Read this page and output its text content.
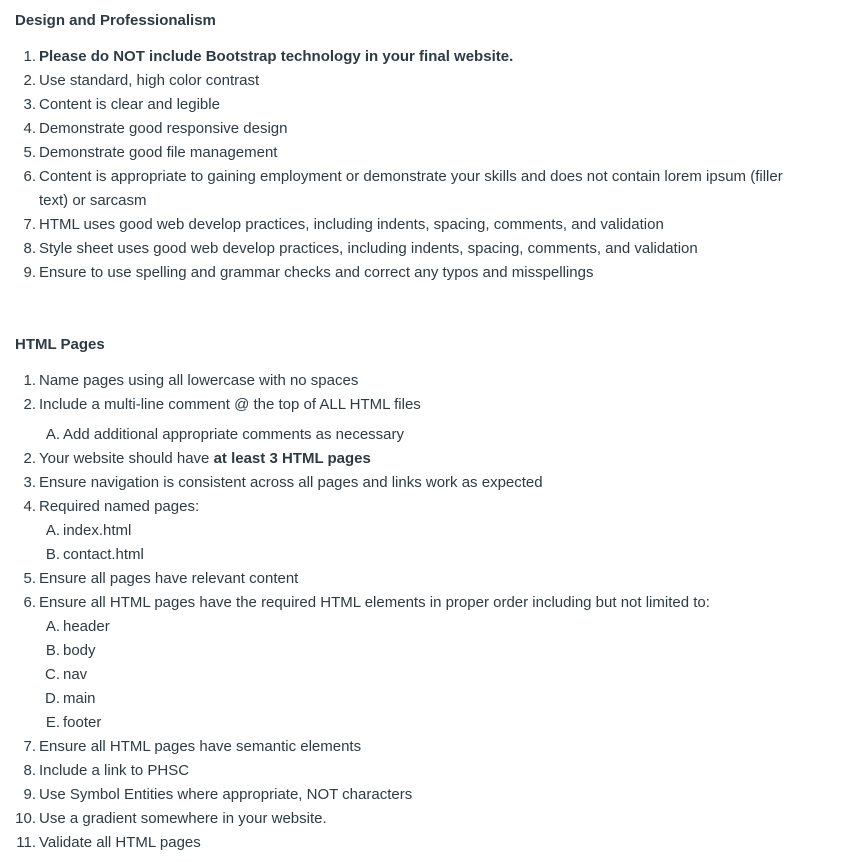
Design and Professionalism
1. Please do NOT include Bootstrap technology in your final website.
2. Use standard, high color contrast
3. Content is clear and legible
4. Demonstrate good responsive design
5. Demonstrate good file management
6. Content is appropriate to gaining employment or demonstrate your skills and does not contain lorem ipsum (filler
text) or sarcasm
7. HTML uses good web develop practices, including indents, spacing, comments, and validation
8. Style sheet uses good web develop practices, including indents, spacing, comments, and validation
9. Ensure to use spelling and grammar checks and correct any typos and misspellings
HTML Pages
1. Name pages using all lowercase with no spaces
2. Include a multi-line comment @ the top of ALL HTML files
A. Add additional appropriate comments as necessary
2. Your website should have at least 3 HTML pages
3. Ensure navigation is consistent across all pages and links work as expected
4. Required named pages:
A. index.html
B. contact.html
5. Ensure all pages have relevant content
6. Ensure all HTML pages have the required HTML elements in proper order including but not limited to:
A. header
B. body
C. nav
D. main
E. footer
7. Ensure all HTML pages have semantic elements
8. Include a link to PHSC
9. Use Symbol Entities where appropriate, NOT characters
10. Use a gradient somewhere in your website.
11. Validate all HTML pages
